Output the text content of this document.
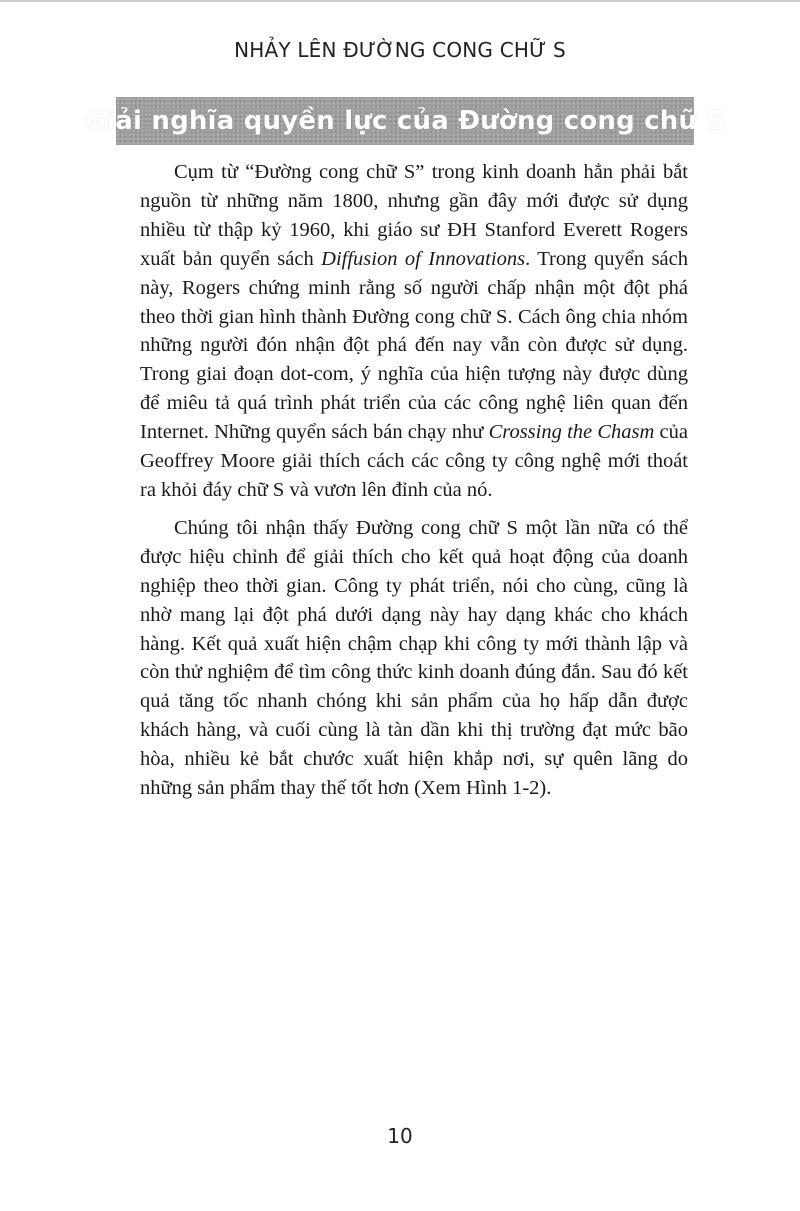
NHẢY LÊN ĐƯỜNG CONG CHỮ S
Giải nghĩa quyền lực của Đường cong chữ S

Cụm từ “Đường cong chữ S” trong kinh doanh hẳn phải bắt nguồn từ những năm 1800, nhưng gần đây mới được sử dụng nhiều từ thập kỷ 1960, khi giáo sư ĐH Stanford Everett Rogers xuất bản quyển sách Diffusion of Innovations. Trong quyển sách này, Rogers chứng minh rằng số người chấp nhận một đột phá theo thời gian hình thành Đường cong chữ S. Cách ông chia nhóm những người đón nhận đột phá đến nay vẫn còn được sử dụng. Trong giai đoạn dot-com, ý nghĩa của hiện tượng này được dùng để miêu tả quá trình phát triển của các công nghệ liên quan đến Internet. Những quyển sách bán chạy như Crossing the Chasm của Geoffrey Moore giải thích cách các công ty công nghệ mới thoát ra khỏi đáy chữ S và vươn lên đỉnh của nó.

Chúng tôi nhận thấy Đường cong chữ S một lần nữa có thể được hiệu chỉnh để giải thích cho kết quả hoạt động của doanh nghiệp theo thời gian. Công ty phát triển, nói cho cùng, cũng là nhờ mang lại đột phá dưới dạng này hay dạng khác cho khách hàng. Kết quả xuất hiện chậm chạp khi công ty mới thành lập và còn thử nghiệm để tìm công thức kinh doanh đúng đắn. Sau đó kết quả tăng tốc nhanh chóng khi sản phẩm của họ hấp dẫn được khách hàng, và cuối cùng là tàn dần khi thị trường đạt mức bão hòa, nhiều kẻ bắt chước xuất hiện khắp nơi, sự quên lãng do những sản phẩm thay thế tốt hơn (Xem Hình 1-2).

10
